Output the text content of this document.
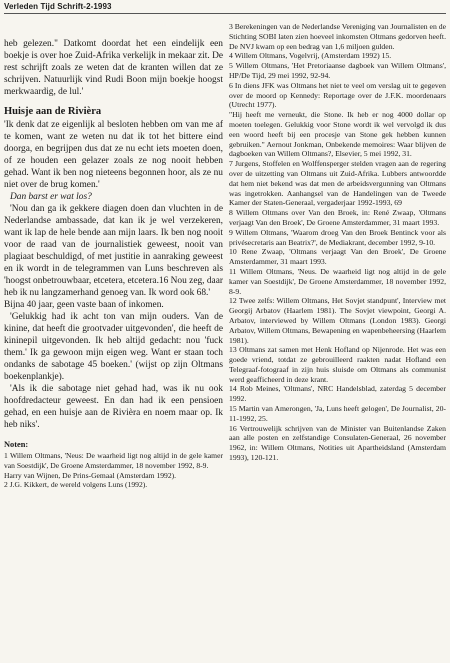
Verleden Tijd Schrift-2-1993

heb gelezen." Datkomt doordat het een eindelijk een boekje is over hoe Zuid-Afrika verkelijk in mekaar zit. De rest schrijft zoals ze weten dat de kranten willen dat ze schrijven. Natuurlijk vind Rudi Boon mijn boekje hoogst merkwaardig, de lul.'

Huisje aan de Rivièra

'Ik denk dat ze eigenlijk al besloten hebben om van me af te komen, want ze weten nu dat ik tot het bittere eind doorga, en begrijpen dus dat ze nu echt iets moeten doen, of ze houden een gelazer zoals ze nog nooit hebben gehad. Want ik ben nog nieteens begonnen hoor, als ze nu niet over de brug komen.'

Dan barst er wat los?

'Nou dan ga ik gekkere diagen doen dan vluchten in de Nederlandse ambassade, dat kan ik je wel verzekeren, want ik lap de hele bende aan mijn laars. Ik ben nog nooit voor de raad van de journalistiek geweest, nooit van plagiaat beschuldigd, of met justitie in aanraking geweest en ik wordt in de telegrammen van Luns beschreven als 'hoogst onbetrouwbaar, etcetera, etcetera.16 Nou zeg, daar heb ik nu langzamerhand genoeg van. Ik word ook 68.'

Bijna 40 jaar, geen vaste baan of inkomen.

'Gelukkig had ik acht ton van mijn ouders. Van de kinine, dat heeft die grootvader uitgevonden', die heeft de kininepil uitgevonden. Ik heb altijd gedacht: nou 'fuck them.' Ik ga gewoon mijn eigen weg. Want er staan toch ondanks de sabotage 45 boeken.' (wijst op zijn Oltmans boekenplankje).

'Als ik die sabotage niet gehad had, was ik nu ook hoofdredacteur geweest. En dan had ik een pensioen gehad, en een huisje aan de Rivièra en noem maar op. Ik heb niks'.

Noten:

1 Willem Oltmans, 'Neus: De waarheid ligt nog altijd in de gele kamer van Soestdijk', De Groene Amsterdammer, 18 november 1992, 8-9.

Harry van Wijnen, De Prins-Gemaal (Amsterdam 1992).

2 J.G. Kikkert, de wereld volgens Luns (1992).

3 Berekeningen van de Nederlandse Vereniging van Journalisten en de Stichting SOBI laten zien hoeveel inkomsten Oltmans gedorven heeft. De NVJ kwam op een bedrag van 1,6 miljoen gulden.

4 Willem Oltmans, Vogelvrij, (Amsterdam 1992) 15.

5 Willem Oltmans, 'Het Pretoriaanse dagboek van Willem Oltmans', HP/De Tijd, 29 mei 1992, 92-94.

6 In diens JFK was Oltmans het niet te veel om verslag uit te gegeven over de moord op Kennedy: Reportage over de J.F.K. moordenaars (Utrecht 1977).

"Hij heeft me verneukt, die Stone. Ik heb er nog 4000 dollar op moeten toelegen. Gelukkig voor Stone wordt ik wel vervolgd ik dus een woord heeft bij een procesje van Stone gek hebben kunnen gebruiken." Aernout Jonkman, Onbekende memoires: Waar blijven de dagboeken van Willem Oltmans?, Elsevier, 5 mei 1992, 31.

7 Jurgens, Stoffelen en Wolffensperger stelden vragen aan de regering over de uitzetting van Oltmans uit Zuid-Afrika. Lubbers antwoordde dat hem niet bekend was dat men de arbeidsvergunning van Oltmans was ingetrokken. Aanhangsel van de Handelingen van de Tweede Kamer der Staten-Generaal, vergaderjaar 1992-1993, 69

8 Willem Oltmans over Van den Broek, in: René Zwaap, 'Oltmans verjaagt Van den Broek', De Groene Amsterdammer, 31 maart 1993.

9 Willem Oltmans, 'Waarom droeg Van den Broek Bentinck voor als privésecretaris aan Beatrix?', de Mediakrant, december 1992, 9-10.

10 Rene Zwaap, 'Oltmans verjaagt Van den Broek', De Groene Amsterdammer, 31 maart 1993.

11 Willem Oltmans, 'Neus. De waarheid ligt nog altijd in de gele kamer van Soestdijk', De Groene Amsterdammer, 18 november 1992, 8-9.

12 Twee zelfs: Willem Oltmans, Het Sovjet standpunt', Interview met Georgij Arbatov (Haarlem 1981). The Sovjet viewpoint, Georgi A. Arbatov, interviewed by Willem Oltmans (London 1983). Georgi Arbatov, Willem Oltmans, Bewapening en wapenbeheersing (Haarlem 1981).

13 Oltmans zat samen met Henk Hofland op Nijenrode. Het was een goede vriend, totdat ze gebrouilleerd raakten nadat Hofland een Telegraaf-fotograaf in zijn huis sluisde om Oltmans als communist werd geafficheerd in deze krant.

14 Rob Meines, 'Oltmans', NRC Handelsblad, zaterdag 5 december 1992.

15 Martin van Amerongen, 'Ja, Luns heeft gelogen', De Journalist, 20-11-1992, 25.

16 Vertrouwelijk schrijven van de Minister van Buitenlandse Zaken aan alle posten en zelfstandige Consulaten-Generaal, 26 november 1962, in: Willem Oltmans, Notities uit Apartheidsland (Amsterdam 1993), 120-121.
